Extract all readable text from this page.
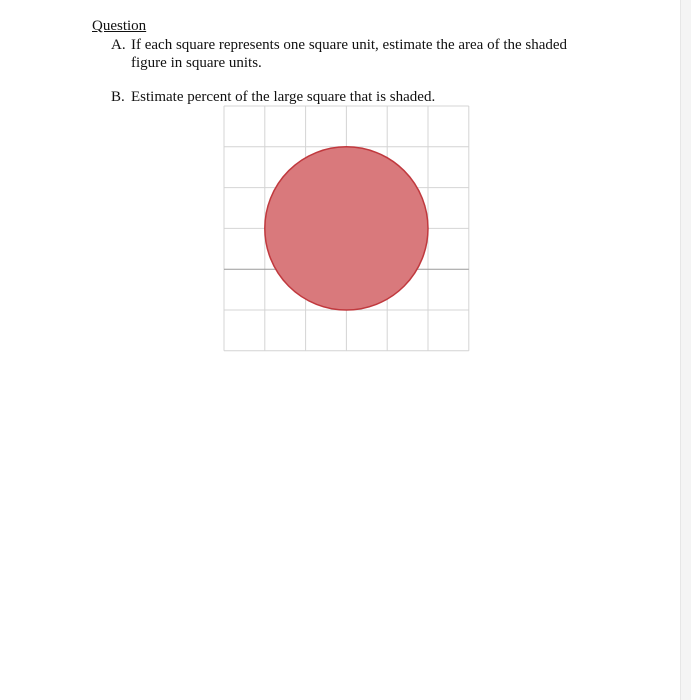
Question
A. If each square represents one square unit, estimate the area of the shaded figure in square units.
B. Estimate percent of the large square that is shaded.
